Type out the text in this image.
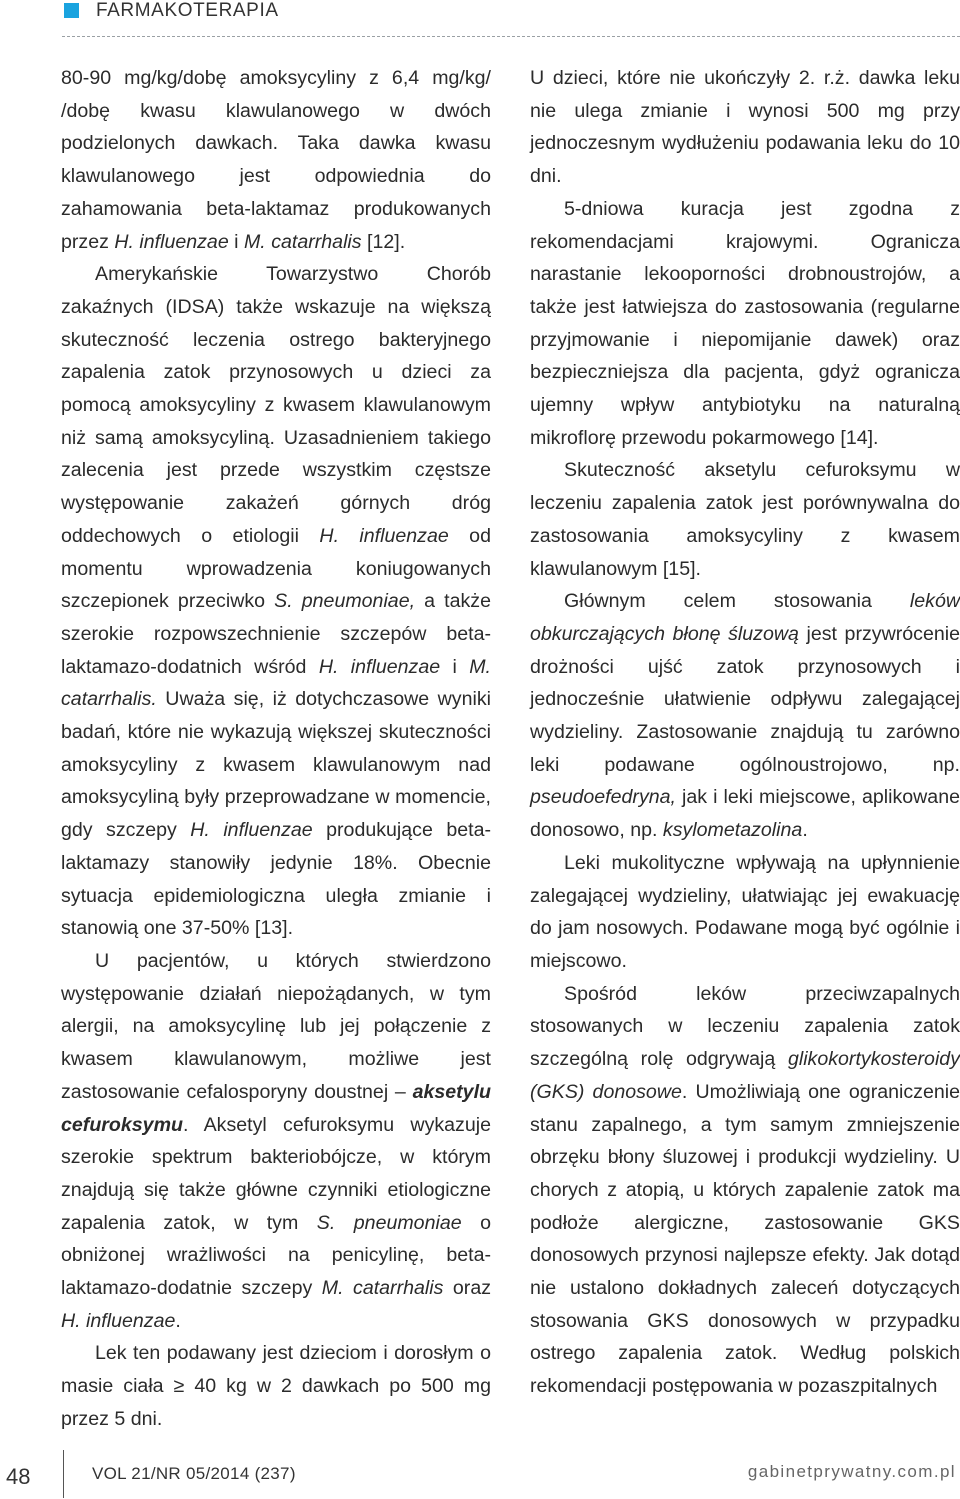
FARMAKOTERAPIA

80-90 mg/kg/dobę amoksycyliny z 6,4 mg/kg/ /dobę kwasu klawulanowego w dwóch podzielonych dawkach. Taka dawka kwasu klawulanowego jest odpowiednia do zahamowania beta-laktamaz produkowanych przez H. influenzae i M. catarrhalis [12].

Amerykańskie Towarzystwo Chorób zakaźnych (IDSA) także wskazuje na większą skuteczność leczenia ostrego bakteryjnego zapalenia zatok przynosowych u dzieci za pomocą amoksycyliny z kwasem klawulanowym niż samą amoksycyliną. Uzasadnieniem takiego zalecenia jest przede wszystkim częstsze występowanie zakażeń górnych dróg oddechowych o etiologii H. influenzae od momentu wprowadzenia koniugowanych szczepionek przeciwko S. pneumoniae, a także szerokie rozpowszechnienie szczepów beta-laktamazo-dodatnich wśród H. influenzae i M. catarrhalis. Uważa się, iż dotychczasowe wyniki badań, które nie wykazują większej skuteczności amoksycyliny z kwasem klawulanowym nad amoksycyliną były przeprowadzane w momencie, gdy szczepy H. influenzae produkujące beta-laktamazy stanowiły jedynie 18%. Obecnie sytuacja epidemiologiczna uległa zmianie i stanowią one 37-50% [13].

U pacjentów, u których stwierdzono występowanie działań niepożądanych, w tym alergii, na amoksycylinę lub jej połączenie z kwasem klawulanowym, możliwe jest zastosowanie cefalosporyny doustnej – aksetylu cefuroksymu. Aksetyl cefuroksymu wykazuje szerokie spektrum bakteriobójcze, w którym znajdują się także główne czynniki etiologiczne zapalenia zatok, w tym S. pneumoniae o obniżonej wrażliwości na penicylinę, beta-laktamazo-dodatnie szczepy M. catarrhalis oraz H. influenzae.

Lek ten podawany jest dzieciom i dorosłym o masie ciała ≥ 40 kg w 2 dawkach po 500 mg przez 5 dni.

U dzieci, które nie ukończyły 2. r.ż. dawka leku nie ulega zmianie i wynosi 500 mg przy jednoczesnym wydłużeniu podawania leku do 10 dni.

5-dniowa kuracja jest zgodna z rekomendacjami krajowymi. Ogranicza narastanie lekooporności drobnoustrojów, a także jest łatwiejsza do zastosowania (regularne przyjmowanie i niepomijanie dawek) oraz bezpieczniejsza dla pacjenta, gdyż ogranicza ujemny wpływ antybiotyku na naturalną mikroflorę przewodu pokarmowego [14].

Skuteczność aksetylu cefuroksymu w leczeniu zapalenia zatok jest porównywalna do zastosowania amoksycyliny z kwasem klawulanowym [15].

Głównym celem stosowania leków obkurczających błonę śluzową jest przywrócenie drożności ujść zatok przynosowych i jednocześnie ułatwienie odpływu zalegającej wydzieliny. Zastosowanie znajdują tu zarówno leki podawane ogólnoustrojowo, np. pseudoefedryna, jak i leki miejscowe, aplikowane donosowo, np. ksylometazolina.

Leki mukolityczne wpływają na upłynnienie zalegającej wydzieliny, ułatwiając jej ewakuację do jam nosowych. Podawane mogą być ogólnie i miejscowo.

Spośród leków przeciwzapalnych stosowanych w leczeniu zapalenia zatok szczególną rolę odgrywają glikokortykosteroidy (GKS) donosowe. Umożliwiają one ograniczenie stanu zapalnego, a tym samym zmniejszenie obrzęku błony śluzowej i produkcji wydzieliny. U chorych z atopią, u których zapalenie zatok ma podłoże alergiczne, zastosowanie GKS donosowych przynosi najlepsze efekty. Jak dotąd nie ustalono dokładnych zaleceń dotyczących stosowania GKS donosowych w przypadku ostrego zapalenia zatok. Według polskich rekomendacji postępowania w pozaszpitalnych

48	VOL 21/NR 05/2014 (237)	gabinetprywatny.com.pl
